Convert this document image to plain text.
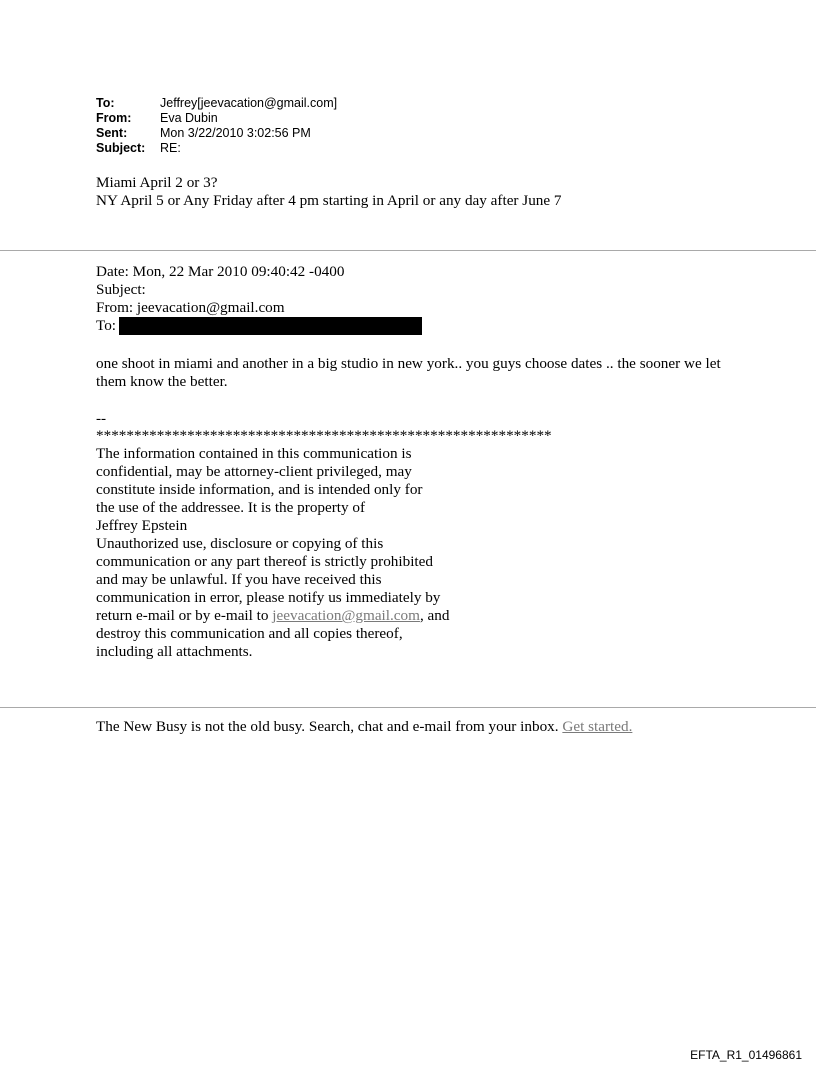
To:	Jeffrey[jeevacation@gmail.com]
From:	Eva Dubin
Sent:	Mon 3/22/2010 3:02:56 PM
Subject:	RE:
Miami April 2 or 3?
NY April 5 or Any Friday after 4 pm starting in April or any day after June 7
Date: Mon, 22 Mar 2010 09:40:42 -0400
Subject:
From: jeevacation@gmail.com
To:
one shoot in miami and another in a big studio in new york.. you guys choose dates .. the sooner we let them know the better.
--
************************************************************
The information contained in this communication is
confidential, may be attorney-client privileged, may
constitute inside information, and is intended only for
the use of the addressee. It is the property of
Jeffrey Epstein
Unauthorized use, disclosure or copying of this
communication or any part thereof is strictly prohibited
and may be unlawful. If you have received this
communication in error, please notify us immediately by
return e-mail or by e-mail to jeevacation@gmail.com, and
destroy this communication and all copies thereof,
including all attachments.
The New Busy is not the old busy. Search, chat and e-mail from your inbox. Get started.
EFTA_R1_01496861
